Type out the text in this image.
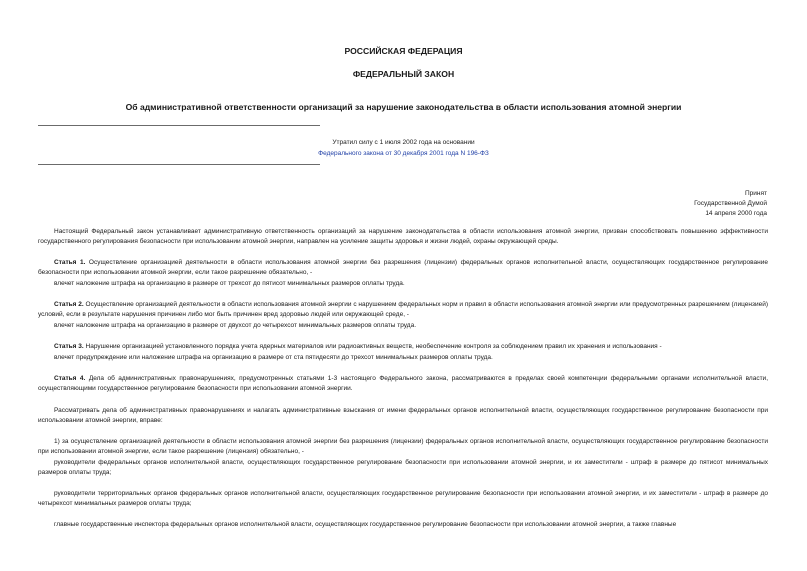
РОССИЙСКАЯ ФЕДЕРАЦИЯ
ФЕДЕРАЛЬНЫЙ ЗАКОН
Об административной ответственности организаций за нарушение законодательства в области использования атомной энергии
Утратил силу с 1 июля 2002 года на основании
Федерального закона от 30 декабря 2001 года N 196-ФЗ
Принят
Государственной Думой
14 апреля 2000 года
Настоящий Федеральный закон устанавливает административную ответственность организаций за нарушение законодательства в области использования атомной энергии, призван способствовать повышению эффективности государственного регулирования безопасности при использовании атомной энергии, направлен на усиление защиты здоровья и жизни людей, охраны окружающей среды.
Статья 1. Осуществление организацией деятельности в области использования атомной энергии без разрешения (лицензии) федеральных органов исполнительной власти, осуществляющих государственное регулирование безопасности при использовании атомной энергии, если такое разрешение обязательно, -
влечет наложение штрафа на организацию в размере от трехсот до пятисот минимальных размеров оплаты труда.
Статья 2. Осуществление организацией деятельности в области использования атомной энергии с нарушением федеральных норм и правил в области использования атомной энергии или предусмотренных разрешением (лицензией) условий, если в результате нарушения причинен либо мог быть причинен вред здоровью людей или окружающей среде, -
влечет наложение штрафа на организацию в размере от двухсот до четырехсот минимальных размеров оплаты труда.
Статья 3. Нарушение организацией установленного порядка учета ядерных материалов или радиоактивных веществ, необеспечение контроля за соблюдением правил их хранения и использования -
влечет предупреждение или наложение штрафа на организацию в размере от ста пятидесяти до трехсот минимальных размеров оплаты труда.
Статья 4. Дела об административных правонарушениях, предусмотренных статьями 1-3 настоящего Федерального закона, рассматриваются в пределах своей компетенции федеральными органами исполнительной власти, осуществляющими государственное регулирование безопасности при использовании атомной энергии.
Рассматривать дела об административных правонарушениях и налагать административные взыскания от имени федеральных органов исполнительной власти, осуществляющих государственное регулирование безопасности при использовании атомной энергии, вправе:
1) за осуществление организацией деятельности в области использования атомной энергии без разрешения (лицензии) федеральных органов исполнительной власти, осуществляющих государственное регулирование безопасности при использовании атомной энергии, если такое разрешение (лицензия) обязательно, -
руководители федеральных органов исполнительной власти, осуществляющих государственное регулирование безопасности при использовании атомной энергии, и их заместители - штраф в размере до пятисот минимальных размеров оплаты труда;
руководители территориальных органов федеральных органов исполнительной власти, осуществляющих государственное регулирование безопасности при использовании атомной энергии, и их заместители - штраф в размере до четырехсот минимальных размеров оплаты труда;
главные государственные инспектора федеральных органов исполнительной власти, осуществляющих государственное регулирование безопасности при использовании атомной энергии, а также главные
